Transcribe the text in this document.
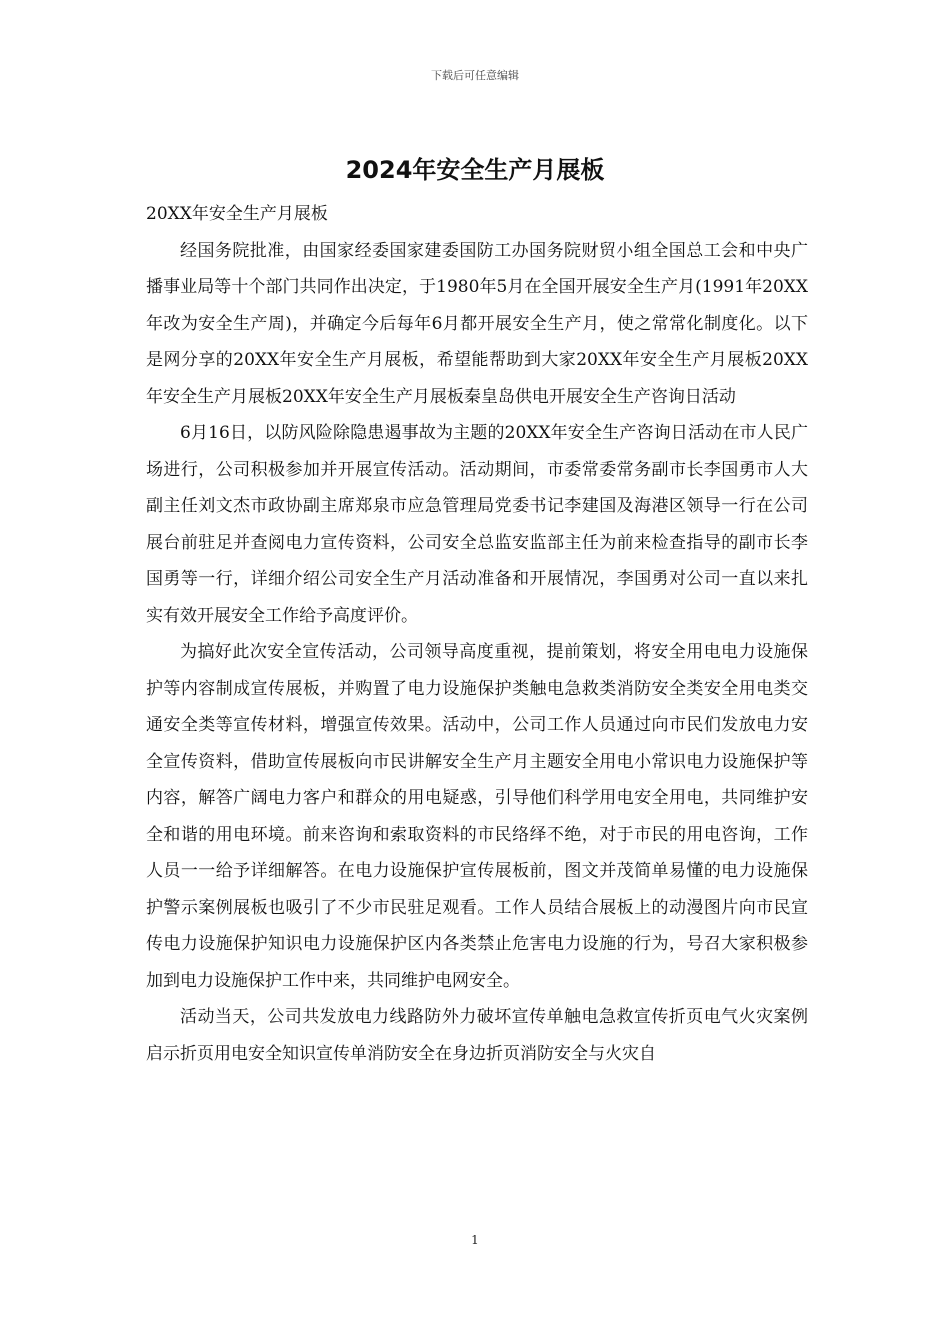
下载后可任意编辑
2024年安全生产月展板

20XX年安全生产月展板

经国务院批准，由国家经委国家建委国防工办国务院财贸小组全国总工会和中央广播事业局等十个部门共同作出决定，于1980年5月在全国开展安全生产月(1991年20XX年改为安全生产周)，并确定今后每年6月都开展安全生产月，使之常常化制度化。以下是网分享的20XX年安全生产月展板，希望能帮助到大家20XX年安全生产月展板20XX年安全生产月展板20XX年安全生产月展板秦皇岛供电开展安全生产咨询日活动

6月16日，以防风险除隐患遏事故为主题的20XX年安全生产咨询日活动在市人民广场进行，公司积极参加并开展宣传活动。活动期间，市委常委常务副市长李国勇市人大副主任刘文杰市政协副主席郑泉市应急管理局党委书记李建国及海港区领导一行在公司展台前驻足并查阅电力宣传资料，公司安全总监安监部主任为前来检查指导的副市长李国勇等一行，详细介绍公司安全生产月活动准备和开展情况，李国勇对公司一直以来扎实有效开展安全工作给予高度评价。

为搞好此次安全宣传活动，公司领导高度重视，提前策划，将安全用电电力设施保护等内容制成宣传展板，并购置了电力设施保护类触电急救类消防安全类安全用电类交通安全类等宣传材料，增强宣传效果。活动中，公司工作人员通过向市民们发放电力安全宣传资料，借助宣传展板向市民讲解安全生产月主题安全用电小常识电力设施保护等内容，解答广阔电力客户和群众的用电疑惑，引导他们科学用电安全用电，共同维护安全和谐的用电环境。前来咨询和索取资料的市民络绎不绝，对于市民的用电咨询，工作人员一一给予详细解答。在电力设施保护宣传展板前，图文并茂简单易懂的电力设施保护警示案例展板也吸引了不少市民驻足观看。工作人员结合展板上的动漫图片向市民宣传电力设施保护知识电力设施保护区内各类禁止危害电力设施的行为，号召大家积极参加到电力设施保护工作中来，共同维护电网安全。

活动当天，公司共发放电力线路防外力破坏宣传单触电急救宣传折页电气火灾案例启示折页用电安全知识宣传单消防安全在身边折页消防安全与火灾自

1
